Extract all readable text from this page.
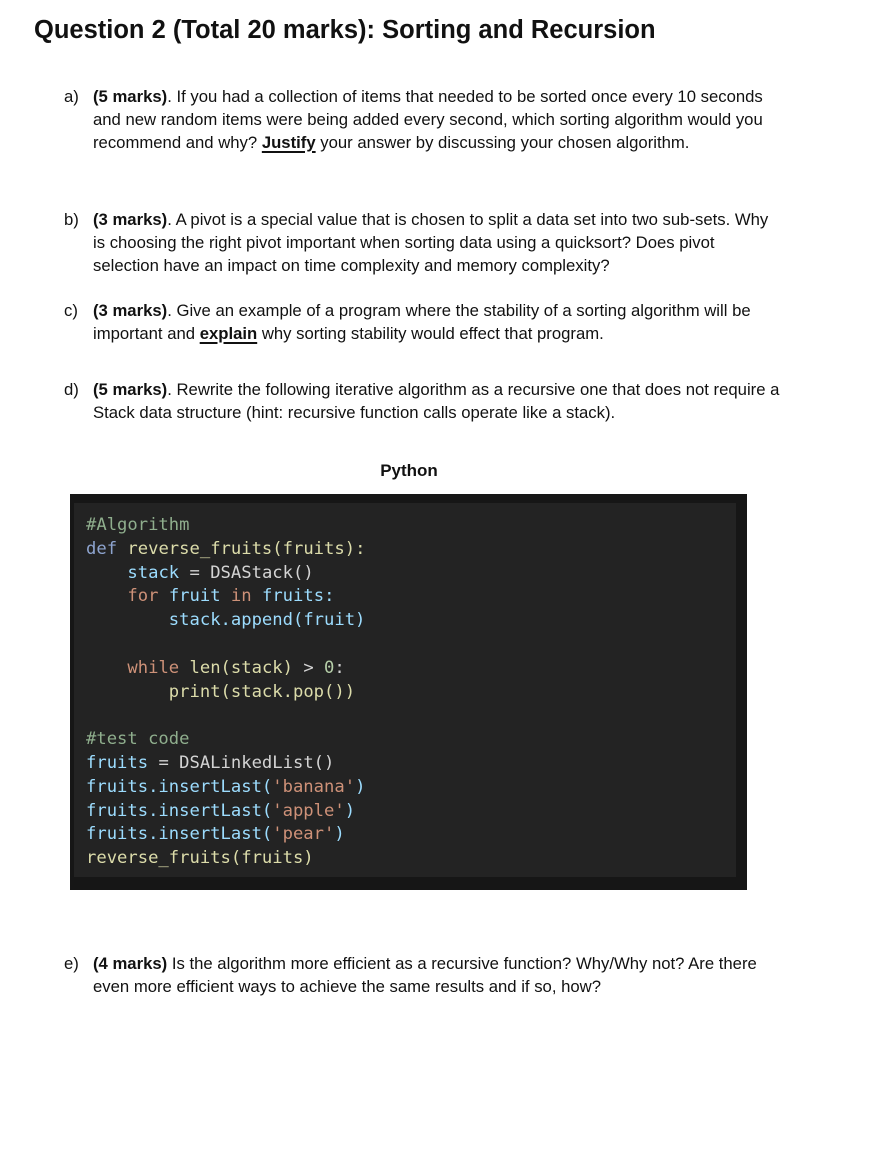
Question 2 (Total 20 marks): Sorting and Recursion
a) (5 marks). If you had a collection of items that needed to be sorted once every 10 seconds and new random items were being added every second, which sorting algorithm would you recommend and why? Justify your answer by discussing your chosen algorithm.
b) (3 marks). A pivot is a special value that is chosen to split a data set into two sub-sets. Why is choosing the right pivot important when sorting data using a quicksort? Does pivot selection have an impact on time complexity and memory complexity?
c) (3 marks). Give an example of a program where the stability of a sorting algorithm will be important and explain why sorting stability would effect that program.
d) (5 marks). Rewrite the following iterative algorithm as a recursive one that does not require a Stack data structure (hint: recursive function calls operate like a stack).
Python
#Algorithm
def reverse_fruits(fruits):
stack = DSAStack()
for fruit in fruits:
stack.append(fruit)

while len(stack) > 0:
print(stack.pop())

#test code
fruits = DSALinkedList()
fruits.insertLast('banana')
fruits.insertLast('apple')
fruits.insertLast('pear')
reverse_fruits(fruits)
e) (4 marks) Is the algorithm more efficient as a recursive function? Why/Why not? Are there even more efficient ways to achieve the same results and if so, how?
